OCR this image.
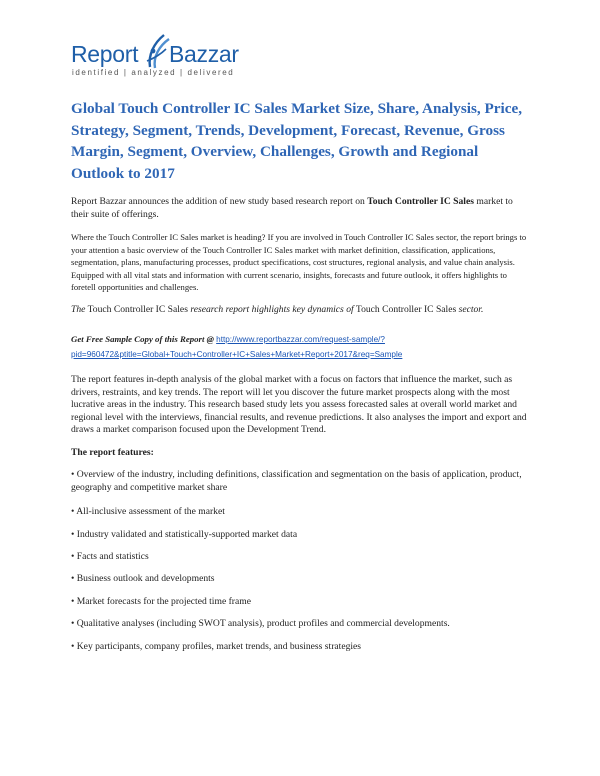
Report Bazzar
identified | analyzed | delivered
Global Touch Controller IC Sales Market Size, Share, Analysis, Price, Strategy, Segment, Trends, Development, Forecast, Revenue, Gross Margin, Segment, Overview, Challenges, Growth and Regional Outlook to 2017

Report Bazzar announces the addition of new study based research report on Touch Controller IC Sales market to their suite of offerings.

Where the Touch Controller IC Sales market is heading? If you are involved in Touch Controller IC Sales sector, the report brings to your attention a basic overview of the Touch Controller IC Sales market with market definition, classification, applications, segmentation, plans, manufacturing processes, product specifications, cost structures, regional analysis, and value chain analysis. Equipped with all vital stats and information with current scenario, insights, forecasts and future outlook, it offers highlights to foretell opportunities and challenges.

The Touch Controller IC Sales research report highlights key dynamics of Touch Controller IC Sales sector.

Get Free Sample Copy of this Report @ http://www.reportbazzar.com/request-sample/?
pid=960472&ptitle=Global+Touch+Controller+IC+Sales+Market+Report+2017&req=Sample

The report features in-depth analysis of the global market with a focus on factors that influence the market, such as drivers, restraints, and key trends. The report will let you discover the future market prospects along with the most lucrative areas in the industry. This research based study lets you assess forecasted sales at overall world market and regional level with the interviews, financial results, and revenue predictions. It also analyses the import and export and draws a market comparison focused upon the Development Trend.

The report features:

• Overview of the industry, including definitions, classification and segmentation on the basis of application, product, geography and competitive market share
• All-inclusive assessment of the market
• Industry validated and statistically-supported market data
• Facts and statistics
• Business outlook and developments
• Market forecasts for the projected time frame
• Qualitative analyses (including SWOT analysis), product profiles and commercial developments.
• Key participants, company profiles, market trends, and business strategies
